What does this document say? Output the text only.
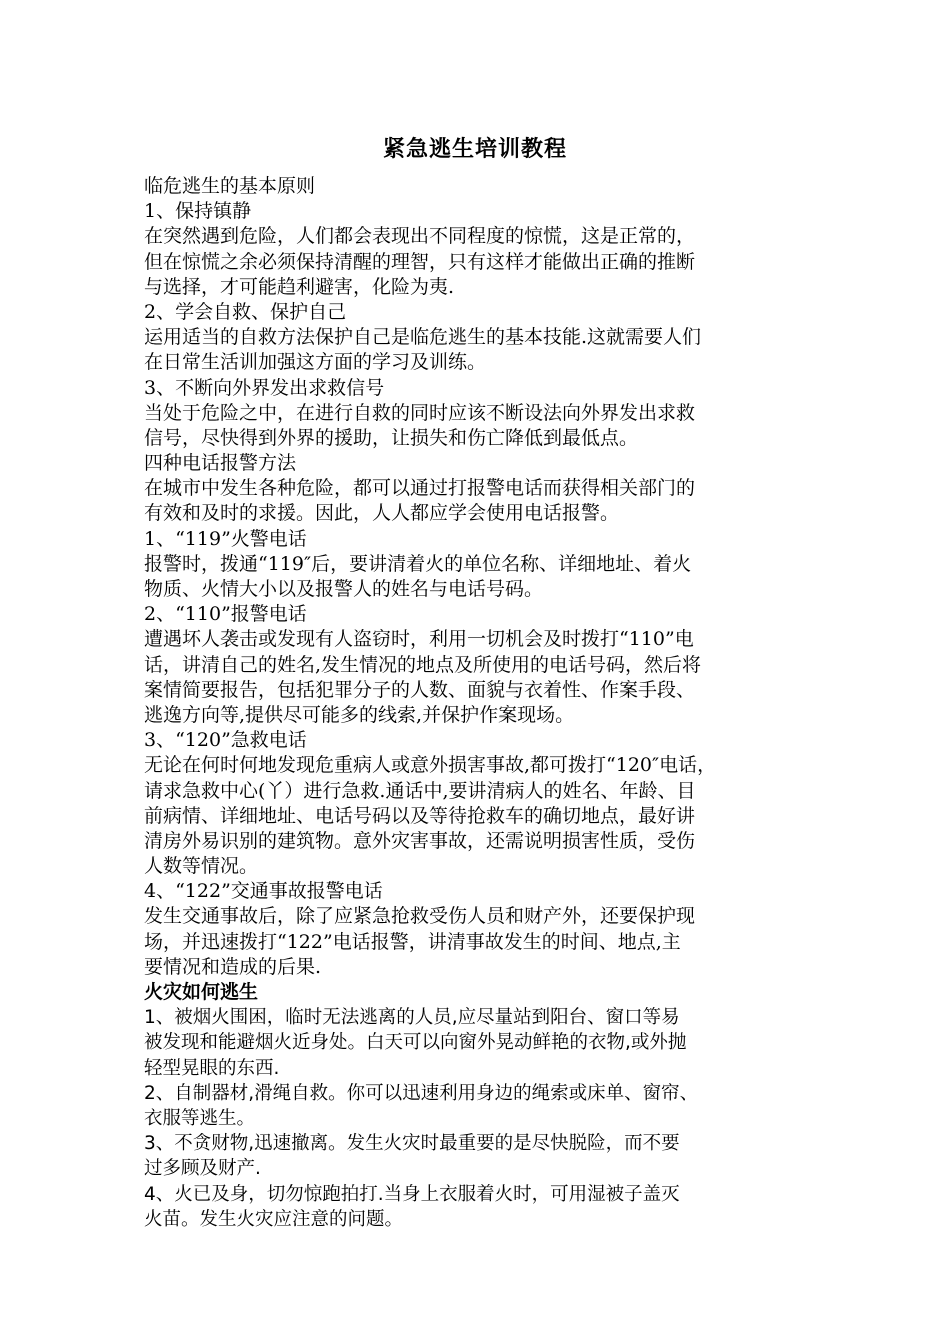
紧急逃生培训教程
临危逃生的基本原则
1、保持镇静
在突然遇到危险，人们都会表现出不同程度的惊慌，这是正常的，
但在惊慌之余必须保持清醒的理智，只有这样才能做出正确的推断
与选择，才可能趋利避害，化险为夷.
2、学会自救、保护自己
运用适当的自救方法保护自己是临危逃生的基本技能.这就需要人们
在日常生活训加强这方面的学习及训练。
3、不断向外界发出求救信号
当处于危险之中，在进行自救的同时应该不断设法向外界发出求救
信号，尽快得到外界的援助，让损失和伤亡降低到最低点。
四种电话报警方法
在城市中发生各种危险，都可以通过打报警电话而获得相关部门的
有效和及时的求援。因此，人人都应学会使用电话报警。
1、“119”火警电话
报警时，拨通“119″后，要讲清着火的单位名称、详细地址、着火
物质、火情大小以及报警人的姓名与电话号码。
2、“110”报警电话
遭遇坏人袭击或发现有人盗窃时，利用一切机会及时拨打“110”电
话，讲清自己的姓名,发生情况的地点及所使用的电话号码，然后将
案情简要报告，包括犯罪分子的人数、面貌与衣着性、作案手段、
逃逸方向等,提供尽可能多的线索,并保护作案现场。
3、“120”急救电话
无论在何时何地发现危重病人或意外损害事故,都可拨打“120″电话，
请求急救中心(丫）进行急救.通话中,要讲清病人的姓名、年龄、目
前病情、详细地址、电话号码以及等待抢救车的确切地点，最好讲
清房外易识别的建筑物。意外灾害事故，还需说明损害性质，受伤
人数等情况。
4、“122”交通事故报警电话
发生交通事故后，除了应紧急抢救受伤人员和财产外，还要保护现
场，并迅速拨打“122”电话报警，讲清事故发生的时间、地点,主
要情况和造成的后果.
火灾如何逃生
1、被烟火围困，临时无法逃离的人员,应尽量站到阳台、窗口等易
被发现和能避烟火近身处。白天可以向窗外晃动鲜艳的衣物,或外抛
轻型晃眼的东西.
2、自制器材,滑绳自救。你可以迅速利用身边的绳索或床单、窗帘、
衣服等逃生。
3、不贪财物,迅速撤离。发生火灾时最重要的是尽快脱险，而不要
过多顾及财产.
4、火已及身，切勿惊跑拍打.当身上衣服着火时，可用湿被子盖灭
火苗。发生火灾应注意的问题。
